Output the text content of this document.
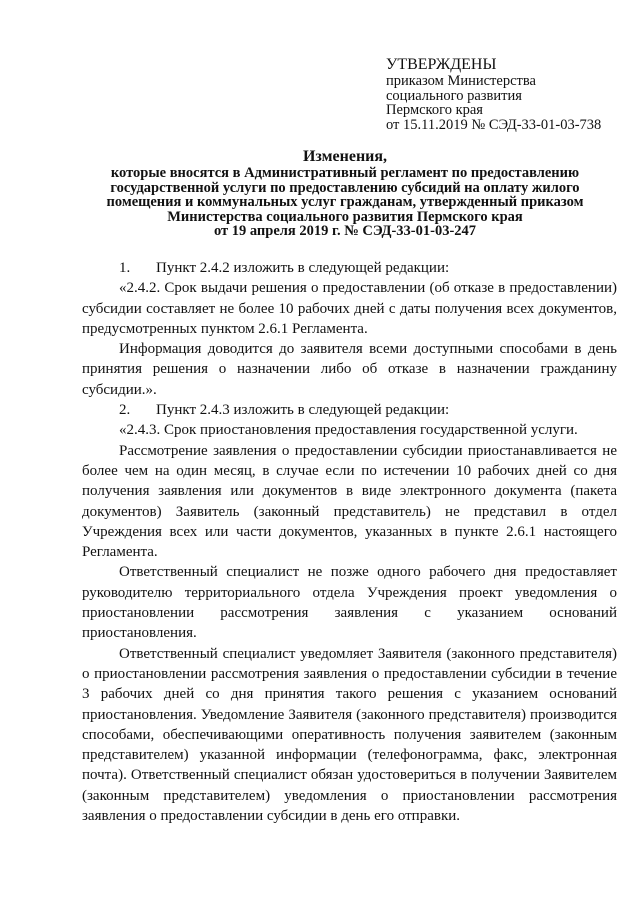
УТВЕРЖДЕНЫ
приказом Министерства
социального развития
Пермского края
от 15.11.2019 № СЭД-33-01-03-738
Изменения,
которые вносятся в Административный регламент по предоставлению
государственной услуги по предоставлению субсидий на оплату жилого
помещения и коммунальных услуг гражданам, утвержденный приказом
Министерства социального развития Пермского края
от 19 апреля 2019 г. № СЭД-33-01-03-247

1. Пункт 2.4.2 изложить в следующей редакции:

«2.4.2. Срок выдачи решения о предоставлении (об отказе в предоставлении) субсидии составляет не более 10 рабочих дней с даты получения всех документов, предусмотренных пунктом 2.6.1 Регламента.

Информация доводится до заявителя всеми доступными способами в день принятия решения о назначении либо об отказе в назначении гражданину субсидии.».

2. Пункт 2.4.3 изложить в следующей редакции:

«2.4.3. Срок приостановления предоставления государственной услуги.

Рассмотрение заявления о предоставлении субсидии приостанавливается не более чем на один месяц, в случае если по истечении 10 рабочих дней со дня получения заявления или документов в виде электронного документа (пакета документов) Заявитель (законный представитель) не представил в отдел Учреждения всех или части документов, указанных в пункте 2.6.1 настоящего Регламента.

Ответственный специалист не позже одного рабочего дня предоставляет руководителю территориального отдела Учреждения проект уведомления о приостановлении рассмотрения заявления с указанием оснований приостановления.

Ответственный специалист уведомляет Заявителя (законного представителя) о приостановлении рассмотрения заявления о предоставлении субсидии в течение 3 рабочих дней со дня принятия такого решения с указанием оснований приостановления. Уведомление Заявителя (законного представителя) производится способами, обеспечивающими оперативность получения заявителем (законным представителем) указанной информации (телефонограмма, факс, электронная почта). Ответственный специалист обязан удостовериться в получении Заявителем (законным представителем) уведомления о приостановлении рассмотрения заявления о предоставлении субсидии в день его отправки.
